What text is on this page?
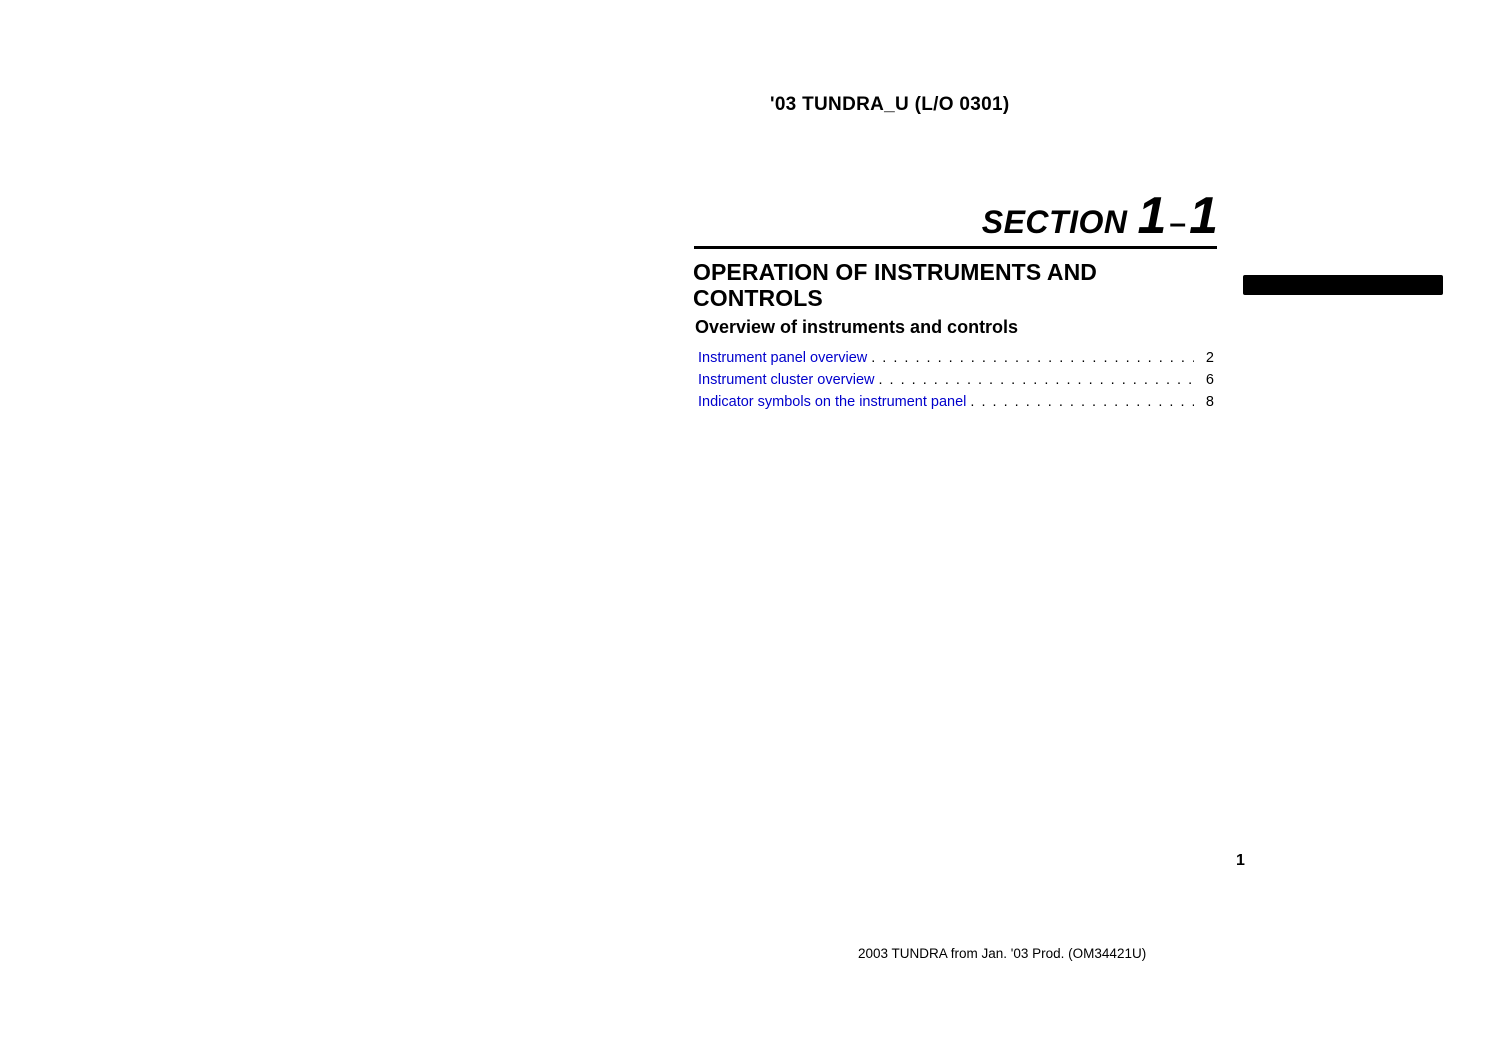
'03 TUNDRA_U (L/O 0301)
SECTION 1 –1
OPERATION OF INSTRUMENTS AND
CONTROLS
Overview of instruments and controls
Instrument panel overview . . .	2
Instrument cluster overview . . .	6
Indicator symbols on the instrument panel . . .	8
1
2003 TUNDRA from Jan. '03 Prod. (OM34421U)
